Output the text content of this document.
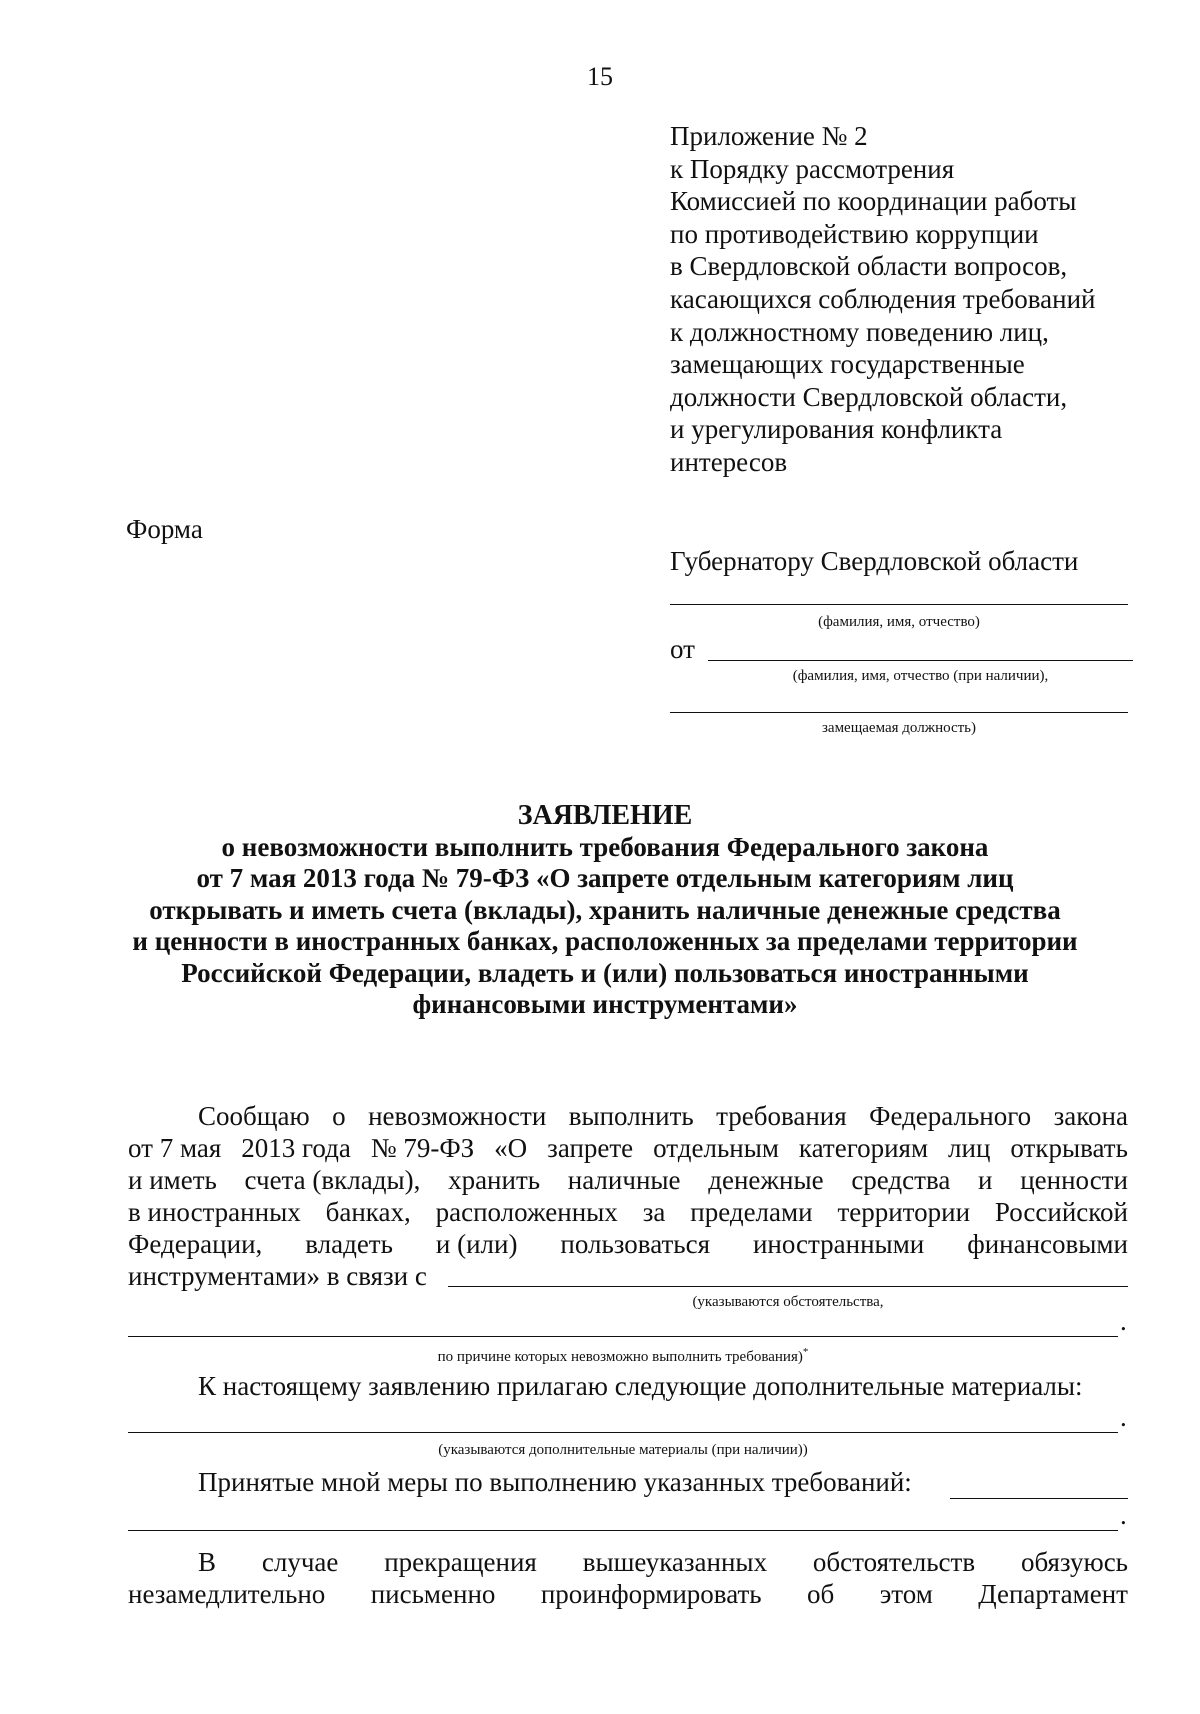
15
Приложение № 2
к Порядку рассмотрения
Комиссией по координации работы
по противодействию коррупции
в Свердловской области вопросов,
касающихся соблюдения требований
к должностному поведению лиц,
замещающих государственные
должности Свердловской области,
и урегулирования конфликта
интересов
Форма
Губернатору Свердловской области
(фамилия, имя, отчество)
от
(фамилия, имя, отчество (при наличии),
замещаемая должность)
ЗАЯВЛЕНИЕ
о невозможности выполнить требования Федерального закона
от 7 мая 2013 года № 79-ФЗ «О запрете отдельным категориям лиц
открывать и иметь счета (вклады), хранить наличные денежные средства
и ценности в иностранных банках, расположенных за пределами территории
Российской Федерации, владеть и (или) пользоваться иностранными
финансовыми инструментами»
Сообщаю о невозможности выполнить требования Федерального закона
от 7 мая 2013 года № 79-ФЗ «О запрете отдельным категориям лиц открывать
и иметь счета (вклады), хранить наличные денежные средства и ценности
в иностранных банках, расположенных за пределами территории Российской
Федерации, владеть и (или) пользоваться иностранными финансовыми
инструментами» в связи с
(указываются обстоятельства,
.
по причине которых невозможно выполнить требования)*
К настоящему заявлению прилагаю следующие дополнительные материалы:
.
(указываются дополнительные материалы (при наличии))
Принятые мной меры по выполнению указанных требований:
.
В случае прекращения вышеуказанных обстоятельств обязуюсь
незамедлительно письменно проинформировать об этом Департамент
